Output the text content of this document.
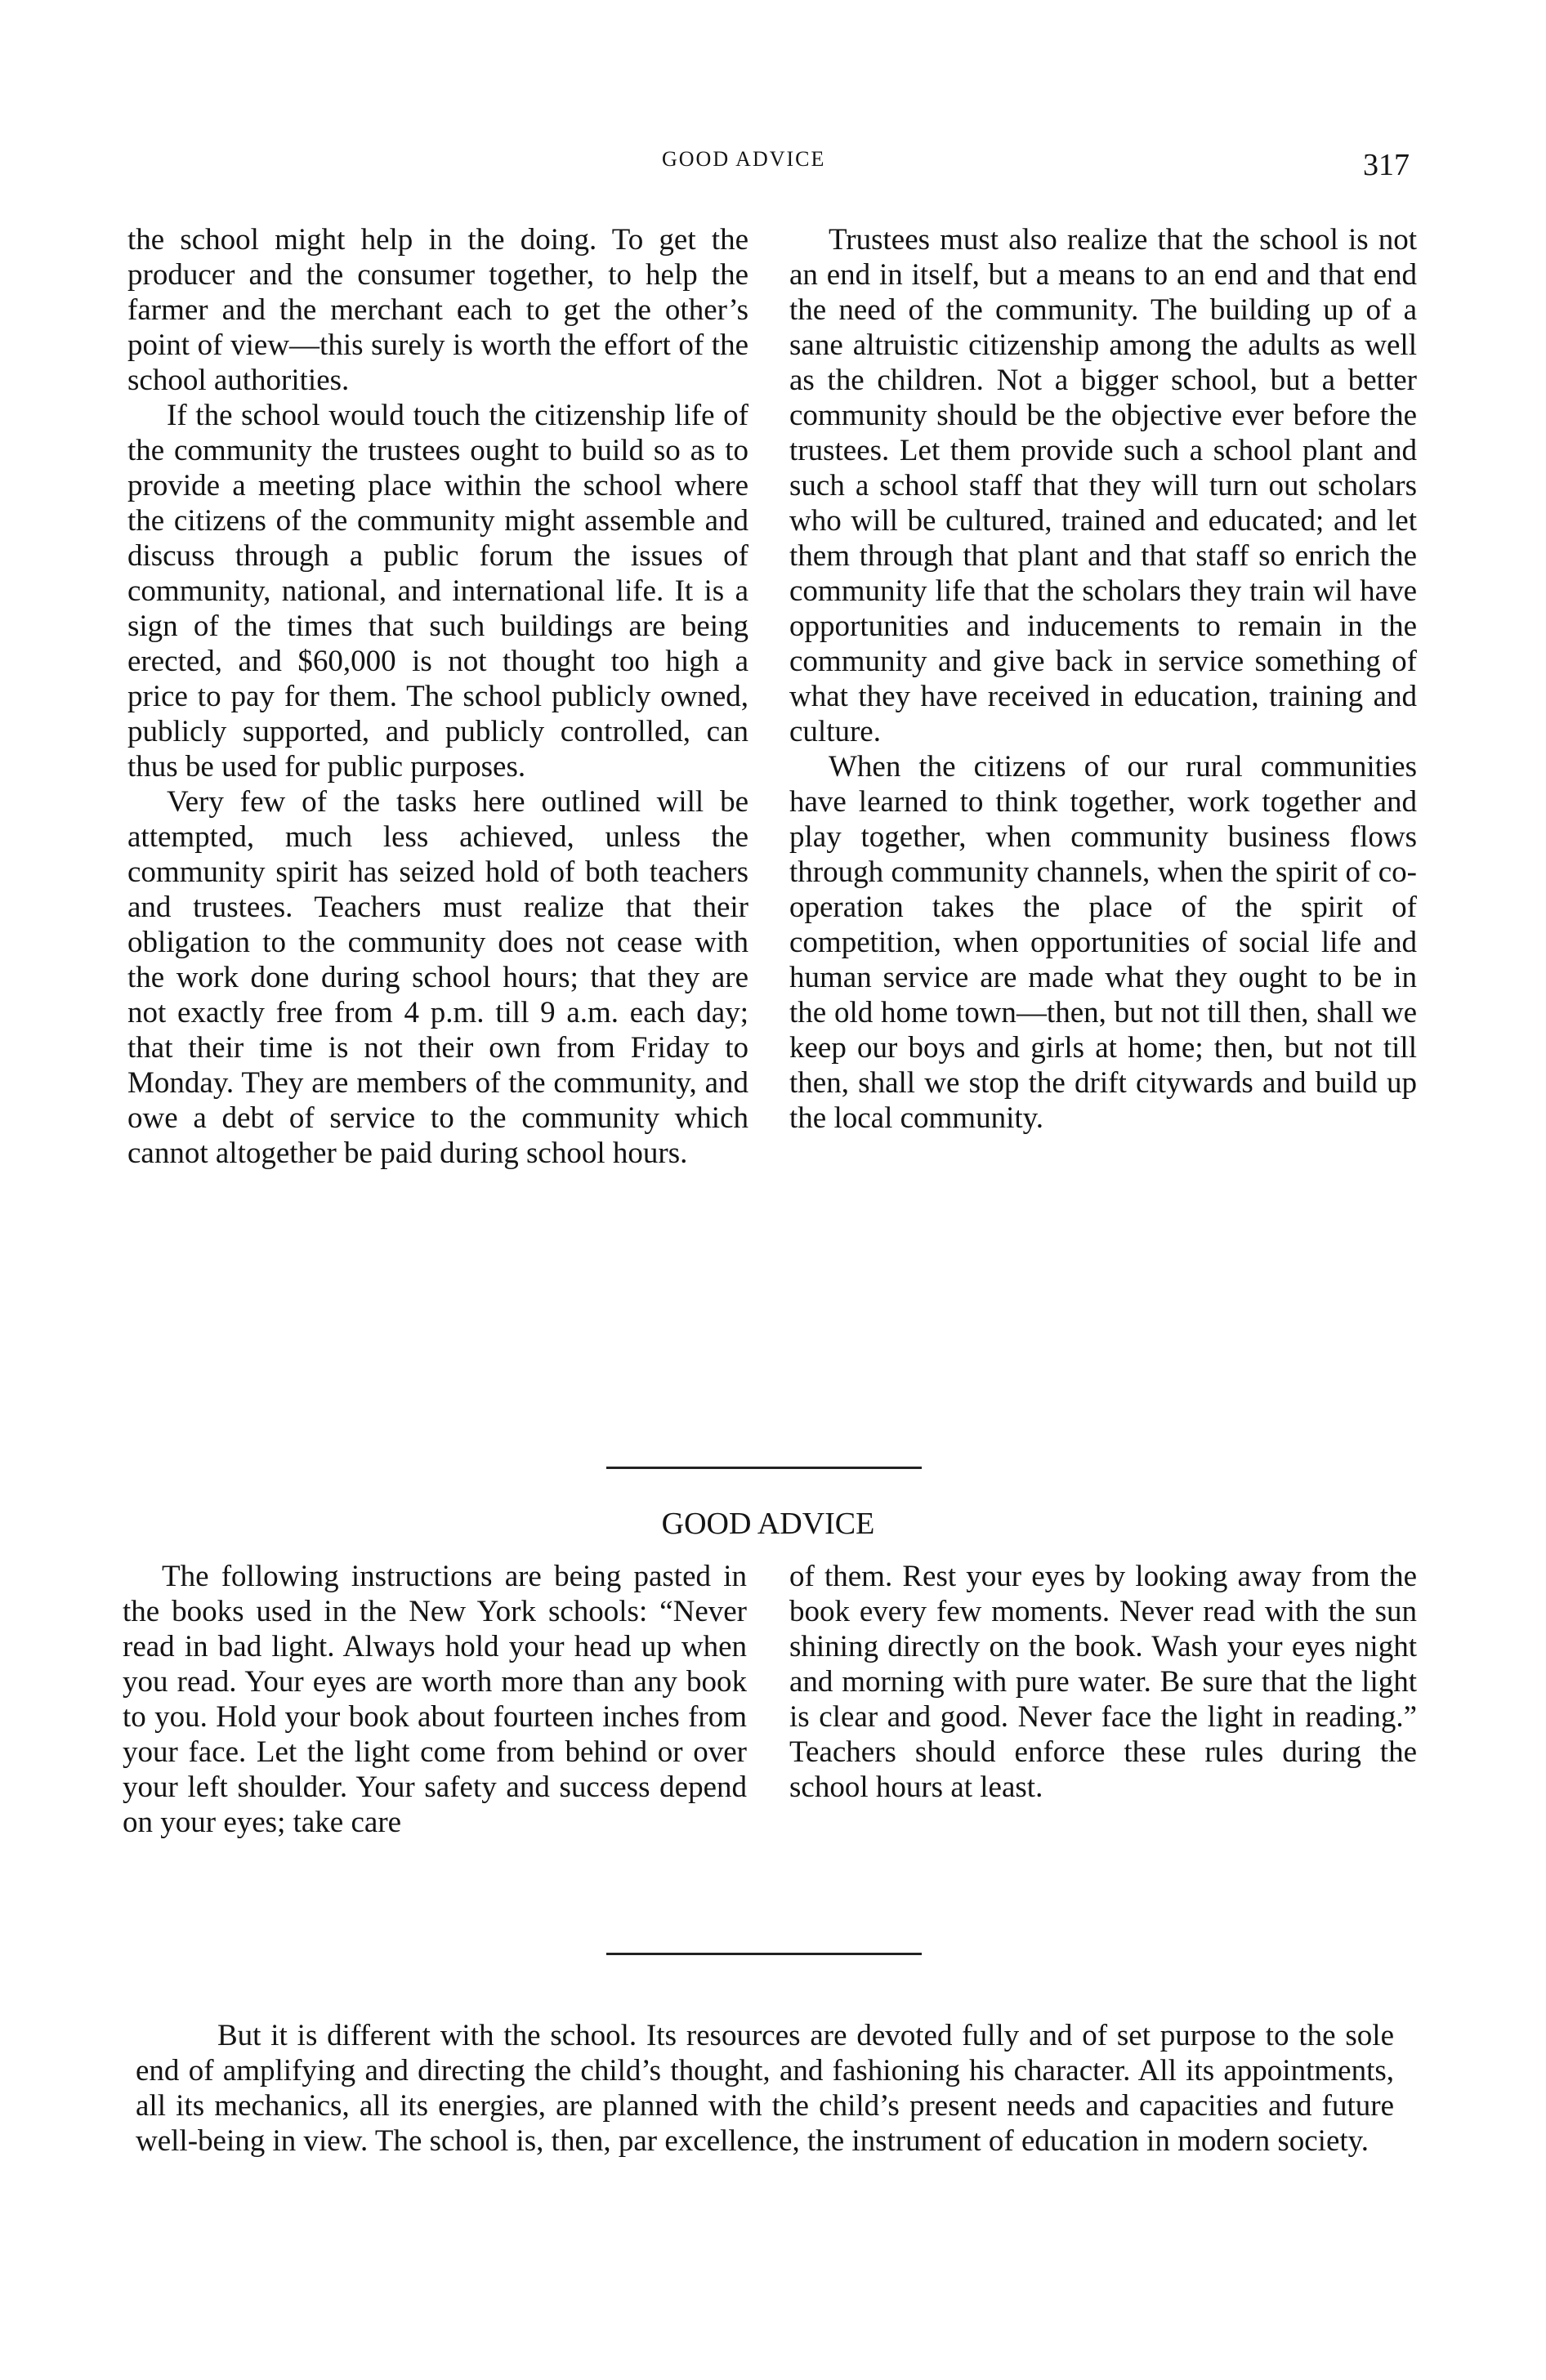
GOOD ADVICE	317

the school might help in the doing. To get the producer and the consumer together, to help the farmer and the merchant each to get the other’s point of view—this surely is worth the effort of the school authorities.

If the school would touch the citizenship life of the community the trustees ought to build so as to provide a meeting place within the school where the citizens of the community might assemble and discuss through a public forum the issues of community, national, and international life. It is a sign of the times that such buildings are being erected, and $60,000 is not thought too high a price to pay for them. The school publicly owned, publicly supported, and publicly controlled, can thus be used for public purposes.

Very few of the tasks here outlined will be attempted, much less achieved, unless the community spirit has seized hold of both teachers and trustees. Teachers must realize that their obligation to the community does not cease with the work done during school hours; that they are not exactly free from 4 p.m. till 9 a.m. each day; that their time is not their own from Friday to Monday. They are members of the community, and owe a debt of service to the community which cannot altogether be paid during school hours.

Trustees must also realize that the school is not an end in itself, but a means to an end and that end the need of the community. The building up of a sane altruistic citizenship among the adults as well as the children. Not a bigger school, but a better community should be the objective ever before the trustees. Let them provide such a school plant and such a school staff that they will turn out scholars who will be cultured, trained and educated; and let them through that plant and that staff so enrich the community life that the scholars they train wil have opportunities and inducements to remain in the community and give back in service something of what they have received in education, training and culture.

When the citizens of our rural communities have learned to think together, work together and play together, when community business flows through community channels, when the spirit of co-operation takes the place of the spirit of competition, when opportunities of social life and human service are made what they ought to be in the old home town—then, but not till then, shall we keep our boys and girls at home; then, but not till then, shall we stop the drift citywards and build up the local community.

GOOD ADVICE

The following instructions are being pasted in the books used in the New York schools: “Never read in bad light. Always hold your head up when you read. Your eyes are worth more than any book to you. Hold your book about fourteen inches from your face. Let the light come from behind or over your left shoulder. Your safety and success depend on your eyes; take care

of them. Rest your eyes by looking away from the book every few moments. Never read with the sun shining directly on the book. Wash your eyes night and morning with pure water. Be sure that the light is clear and good. Never face the light in reading.” Teachers should enforce these rules during the school hours at least.

But it is different with the school. Its resources are devoted fully and of set purpose to the sole end of amplifying and directing the child’s thought, and fashioning his character. All its appointments, all its mechanics, all its energies, are planned with the child’s present needs and capacities and future well-being in view. The school is, then, par excellence, the instrument of education in modern society.
